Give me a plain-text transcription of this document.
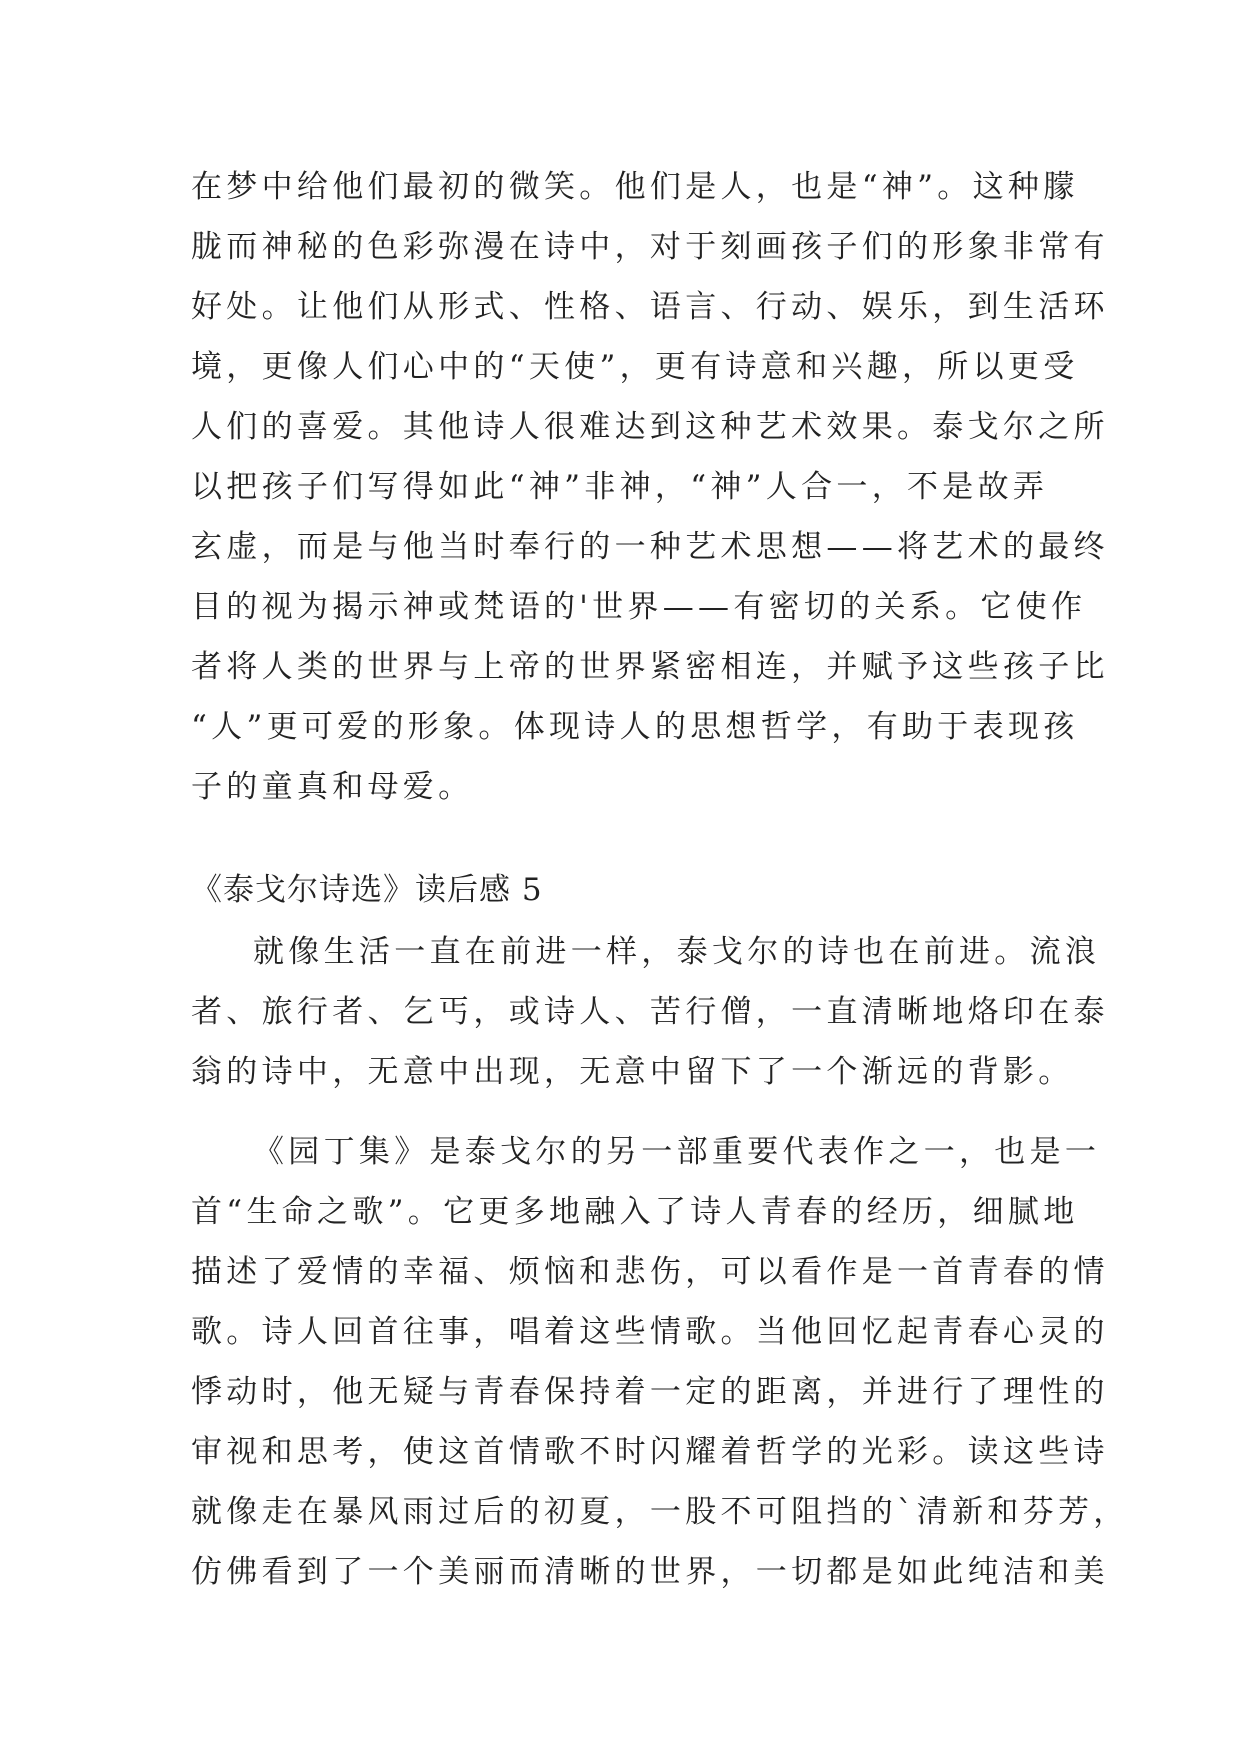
在梦中给他们最初的微笑。他们是人，也是“神”。这种朦
胧而神秘的色彩弥漫在诗中，对于刻画孩子们的形象非常有
好处。让他们从形式、性格、语言、行动、娱乐，到生活环
境，更像人们心中的“天使”，更有诗意和兴趣，所以更受
人们的喜爱。其他诗人很难达到这种艺术效果。泰戈尔之所
以把孩子们写得如此“神”非神，“神”人合一，不是故弄
玄虚，而是与他当时奉行的一种艺术思想——将艺术的最终
目的视为揭示神或梵语的'世界——有密切的关系。它使作
者将人类的世界与上帝的世界紧密相连，并赋予这些孩子比
“人”更可爱的形象。体现诗人的思想哲学，有助于表现孩
子的童真和母爱。
《泰戈尔诗选》读后感 5
就像生活一直在前进一样，泰戈尔的诗也在前进。流浪
者、旅行者、乞丐，或诗人、苦行僧，一直清晰地烙印在泰
翁的诗中，无意中出现，无意中留下了一个渐远的背影。
《园丁集》是泰戈尔的另一部重要代表作之一，也是一
首“生命之歌”。它更多地融入了诗人青春的经历，细腻地
描述了爱情的幸福、烦恼和悲伤，可以看作是一首青春的情
歌。诗人回首往事，唱着这些情歌。当他回忆起青春心灵的
悸动时，他无疑与青春保持着一定的距离，并进行了理性的
审视和思考，使这首情歌不时闪耀着哲学的光彩。读这些诗
就像走在暴风雨过后的初夏，一股不可阻挡的`清新和芬芳，
仿佛看到了一个美丽而清晰的世界，一切都是如此纯洁和美
